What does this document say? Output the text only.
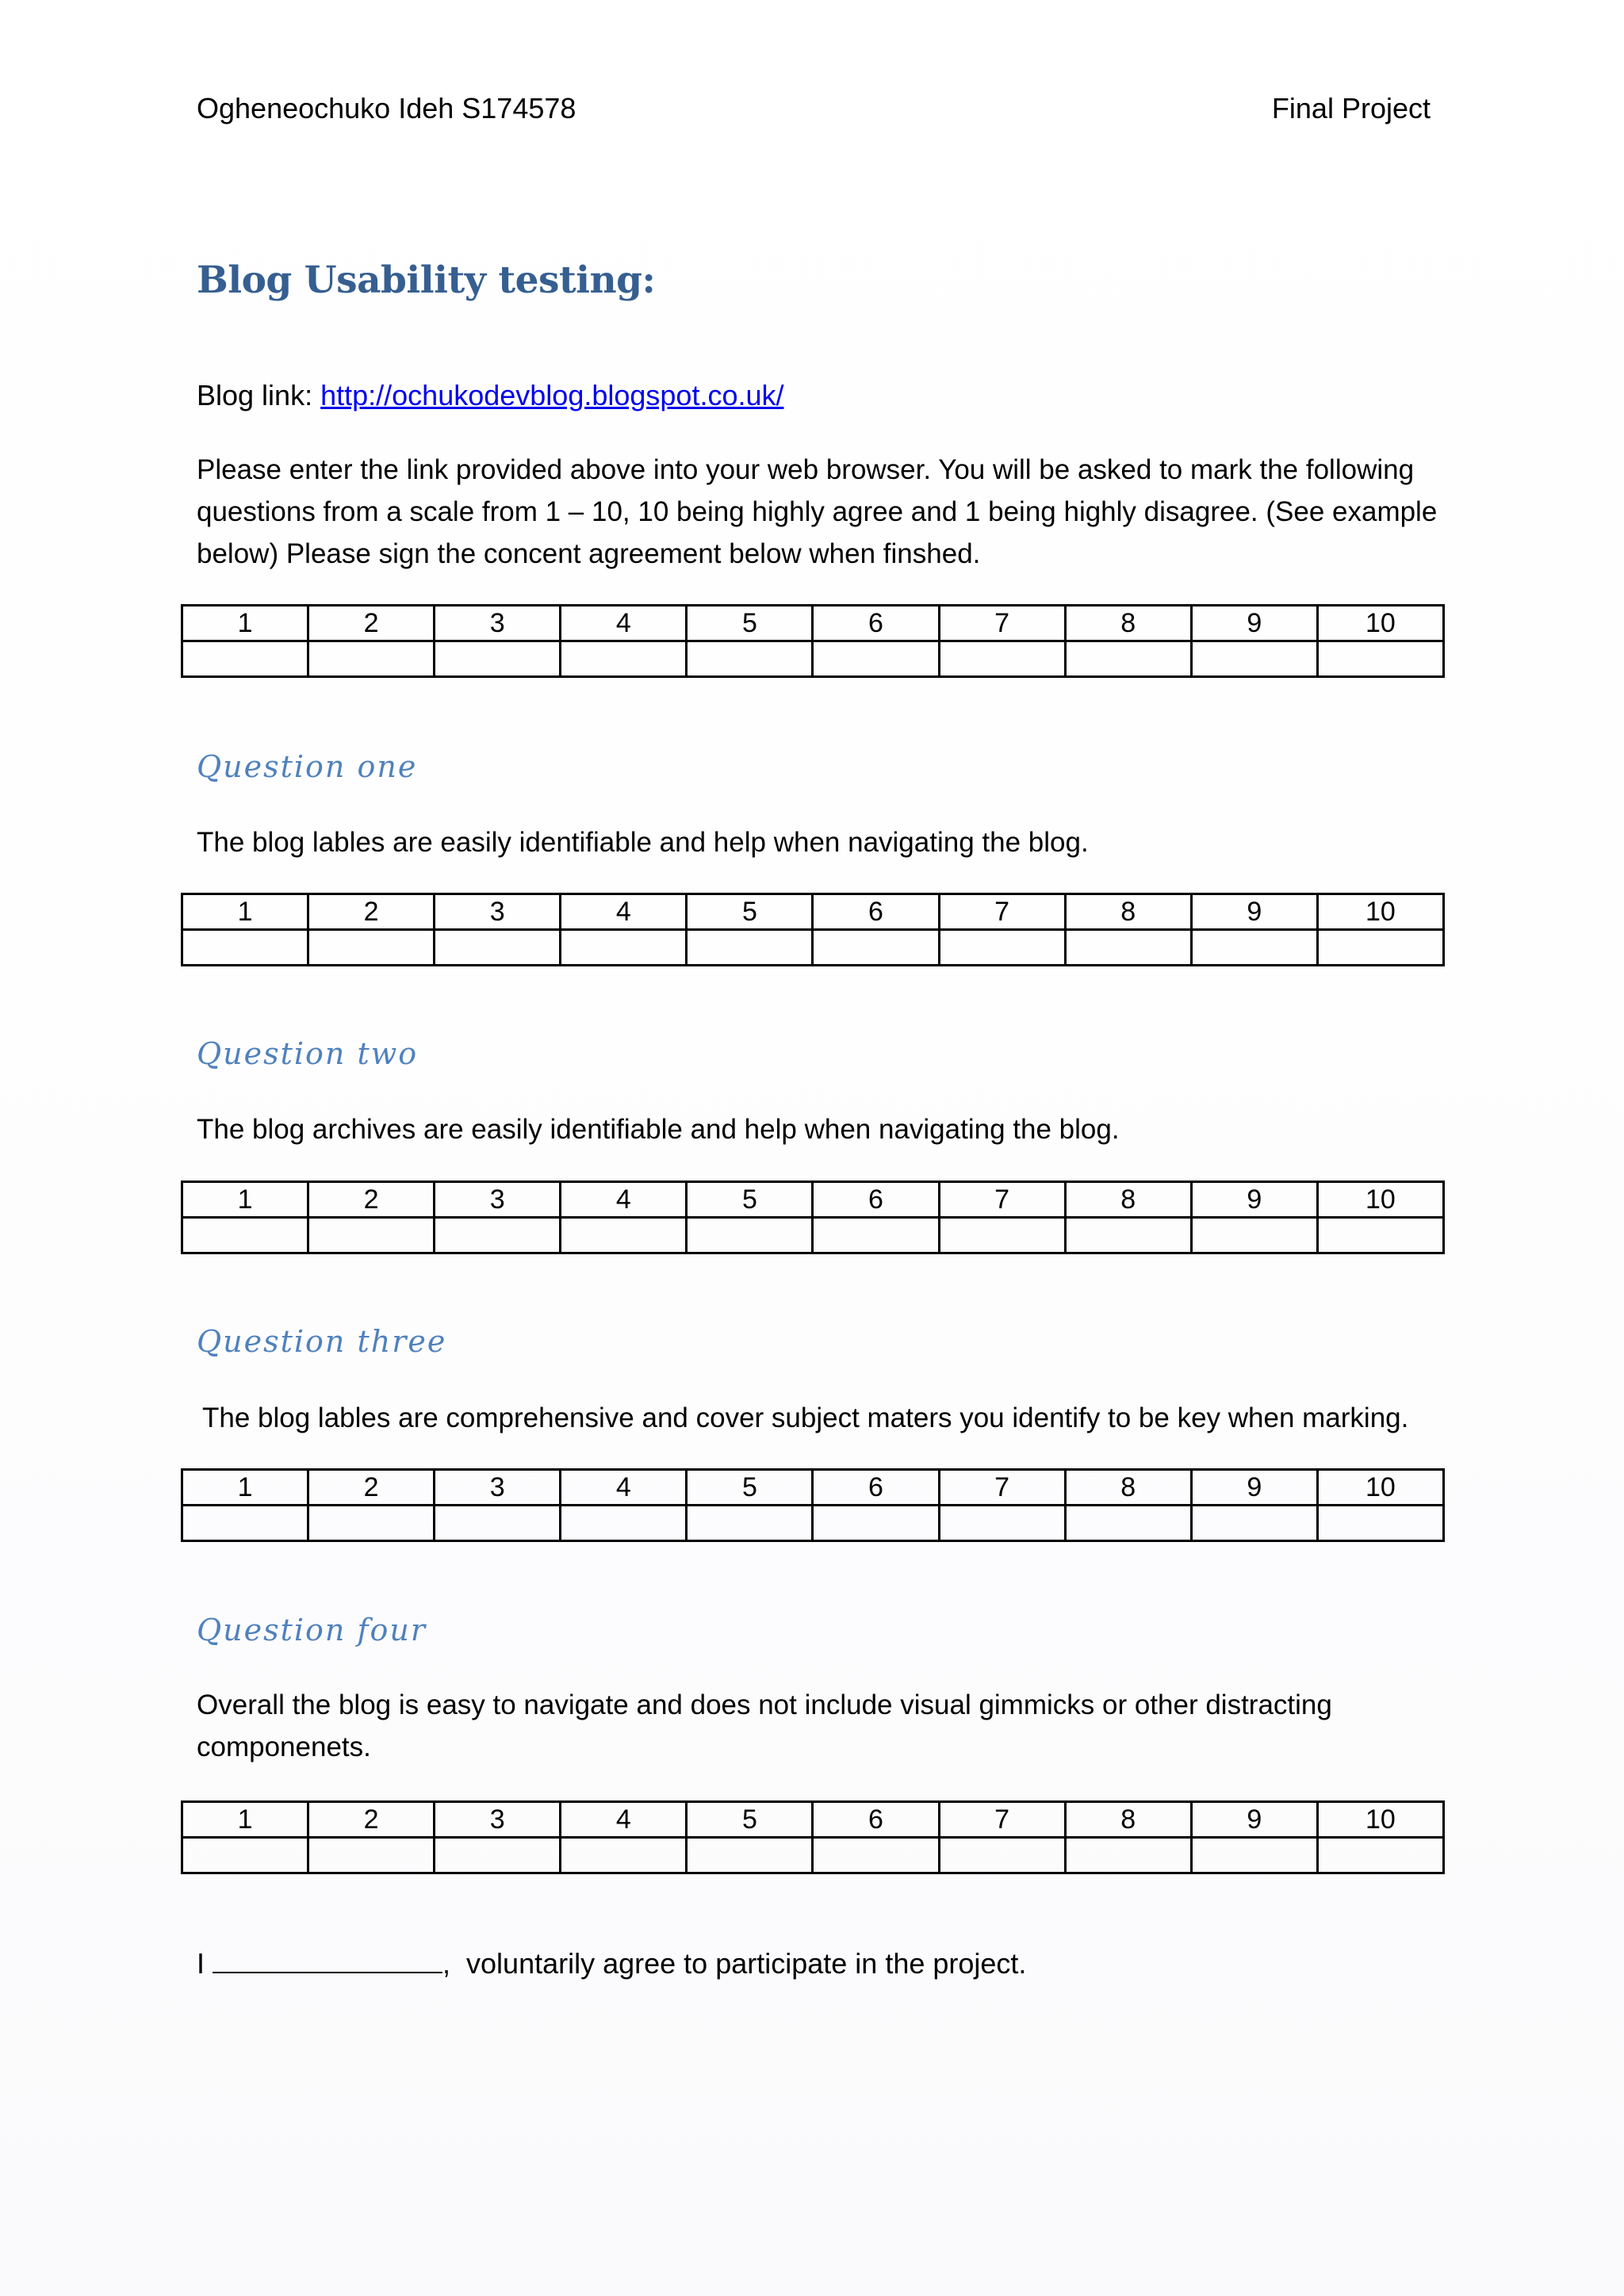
Ogheneochuko Ideh S174578	Final Project
Blog Usability testing:
Blog link: http://ochukodevblog.blogspot.co.uk/
Please enter the link provided above into your web browser. You will be asked to mark the following questions from a scale from 1 – 10, 10 being highly agree and 1 being highly disagree. (See example below) Please sign the concent agreement below when finshed.
1	2	3	4	5	6	7	8	9	10

Question one
The blog lables are easily identifiable and help when navigating the blog.
1	2	3	4	5	6	7	8	9	10

Question two
The blog archives are easily identifiable and help when navigating the blog.
1	2	3	4	5	6	7	8	9	10

Question three
The blog lables are comprehensive and cover subject maters you identify to be key when marking.
1	2	3	4	5	6	7	8	9	10

Question four
Overall the blog is easy to navigate and does not include visual gimmicks or other distracting componenets.
1	2	3	4	5	6	7	8	9	10

I	,  voluntarily agree to participate in the project.
